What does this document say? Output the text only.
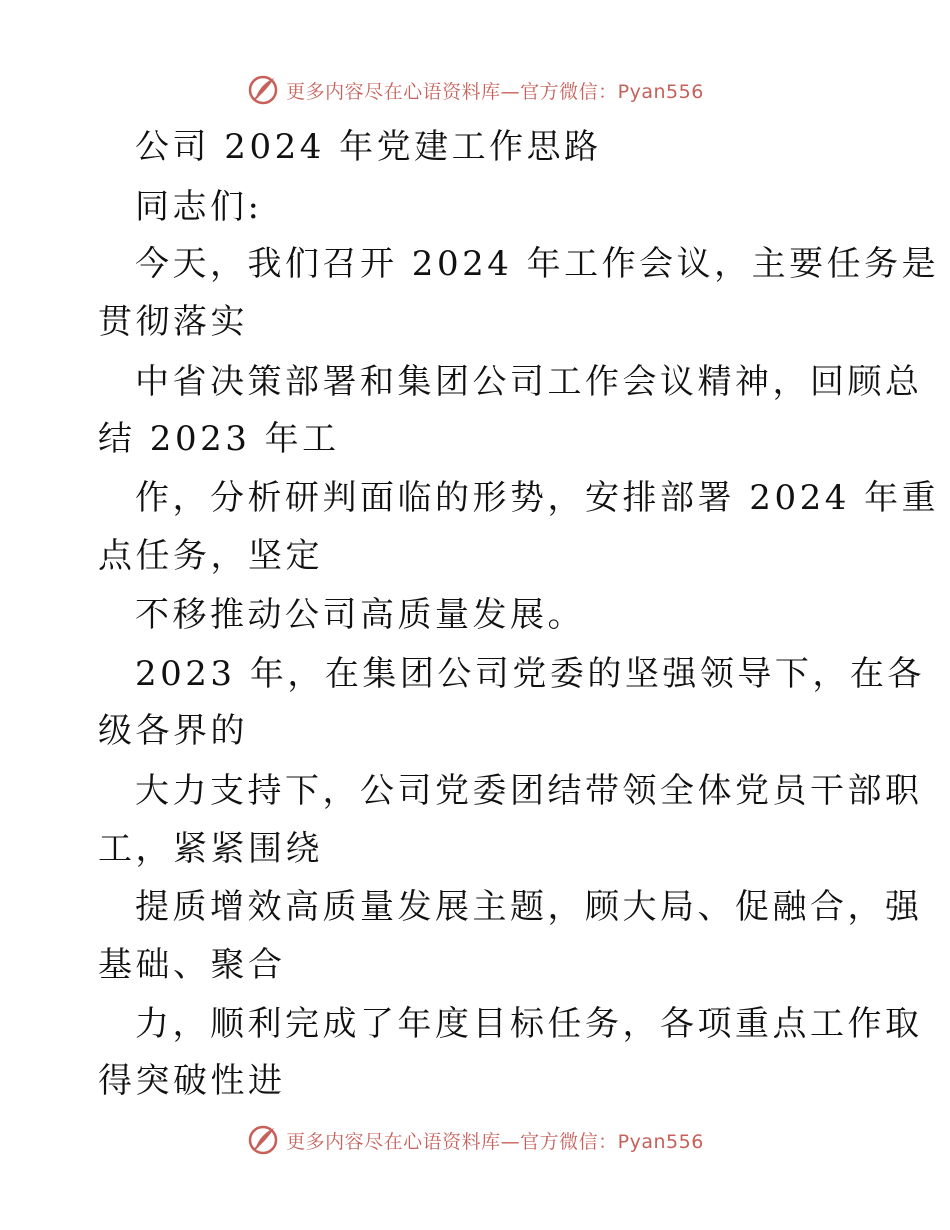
更多内容尽在心语资料库—官方微信：Pyan556
公司 2024 年党建工作思路
同志们:
今天，我们召开 2024 年工作会议，主要任务是
贯彻落实
中省决策部署和集团公司工作会议精神，回顾总
结 2023 年工
作，分析研判面临的形势，安排部署 2024 年重
点任务，坚定
不移推动公司高质量发展。
2023 年，在集团公司党委的坚强领导下，在各
级各界的
大力支持下，公司党委团结带领全体党员干部职
工，紧紧围绕
提质增效高质量发展主题，顾大局、促融合，强
基础、聚合
力，顺利完成了年度目标任务，各项重点工作取
得突破性进
更多内容尽在心语资料库—官方微信：Pyan556
